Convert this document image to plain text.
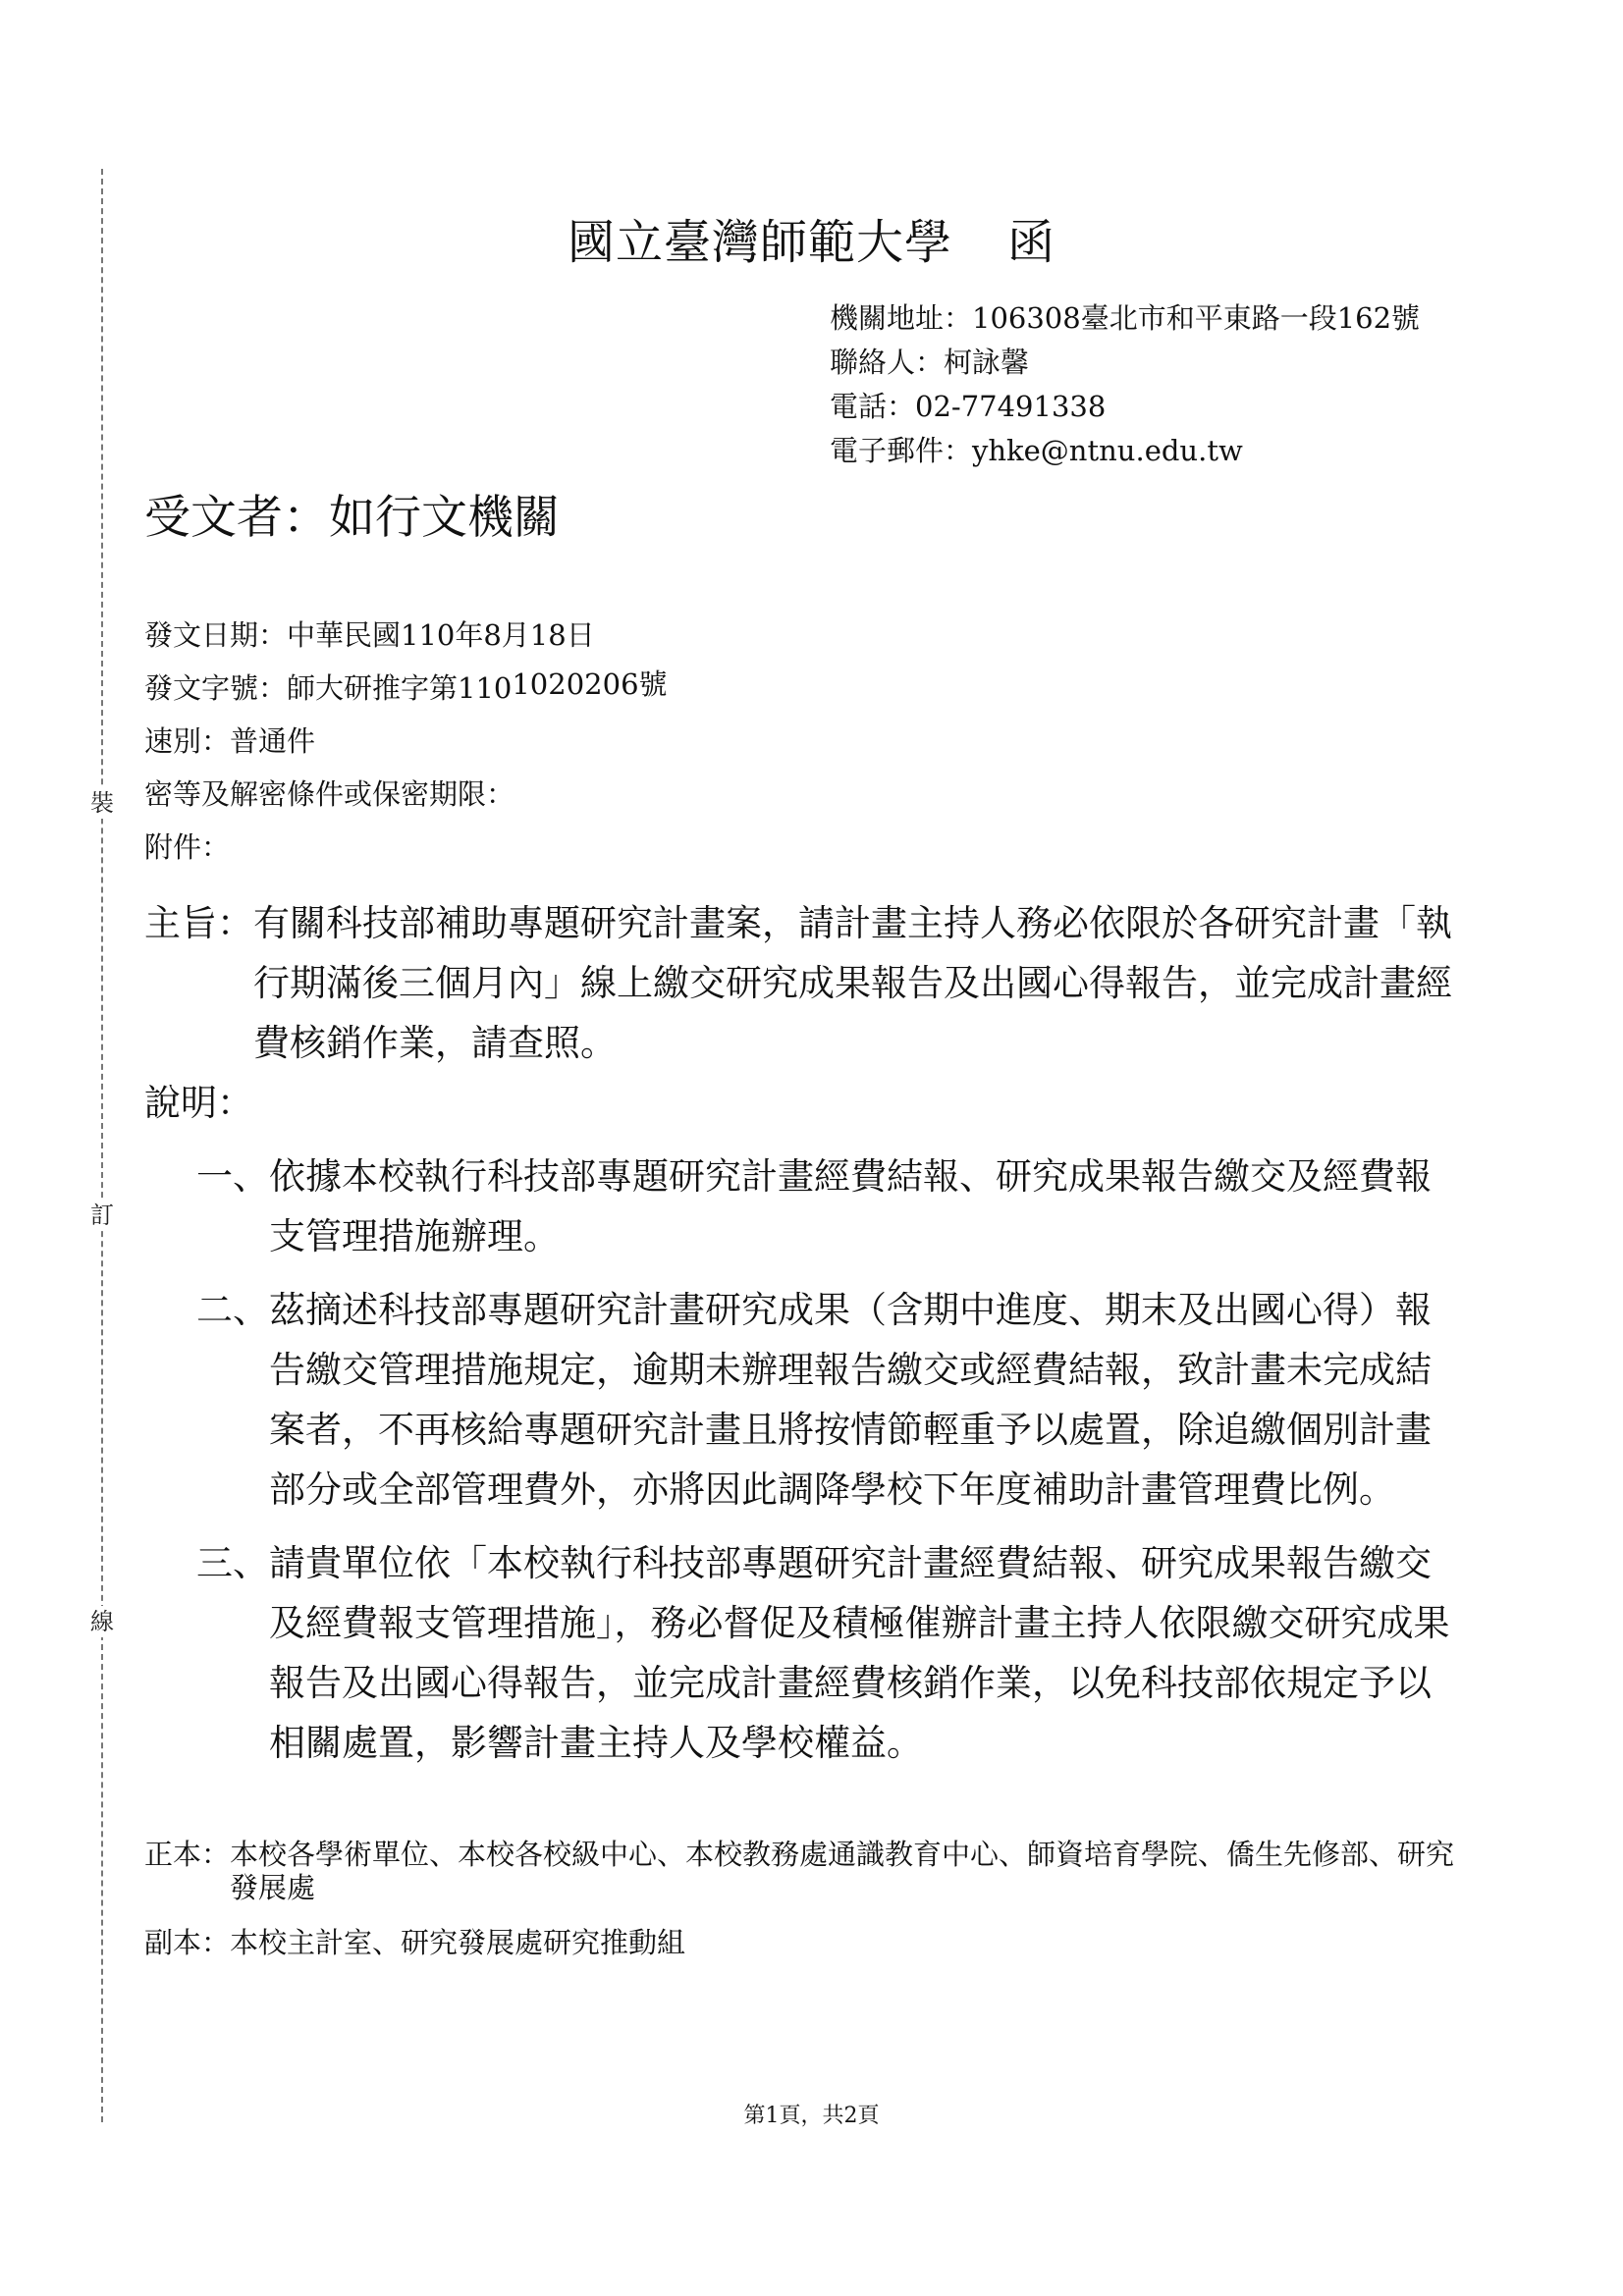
裝
訂
線
國立臺灣師範大學 函
機關地址：106308臺北市和平東路一段162號
聯絡人：柯詠馨
電話：02-77491338
電子郵件：yhke@ntnu.edu.tw
受文者：如行文機關
發文日期：中華民國110年8月18日
發文字號：師大研推字第1101020206號
速別：普通件
密等及解密條件或保密期限：
附件：
主旨： 有關科技部補助專題研究計畫案，請計畫主持人務必依限於各研究計畫「執行期滿後三個月內」線上繳交研究成果報告及出國心得報告，並完成計畫經費核銷作業，請查照。
說明：
一、 依據本校執行科技部專題研究計畫經費結報、研究成果報告繳交及經費報支管理措施辦理。
二、 茲摘述科技部專題研究計畫研究成果（含期中進度、期末及出國心得）報告繳交管理措施規定，逾期未辦理報告繳交或經費結報，致計畫未完成結案者，不再核給專題研究計畫且將按情節輕重予以處置，除追繳個別計畫部分或全部管理費外，亦將因此調降學校下年度補助計畫管理費比例。
三、 請貴單位依「本校執行科技部專題研究計畫經費結報、研究成果報告繳交及經費報支管理措施」，務必督促及積極催辦計畫主持人依限繳交研究成果報告及出國心得報告，並完成計畫經費核銷作業，以免科技部依規定予以相關處置，影響計畫主持人及學校權益。
正本： 本校各學術單位、本校各校級中心、本校教務處通識教育中心、師資培育學院、僑生先修部、研究發展處
副本： 本校主計室、研究發展處研究推動組
第1頁，共2頁
